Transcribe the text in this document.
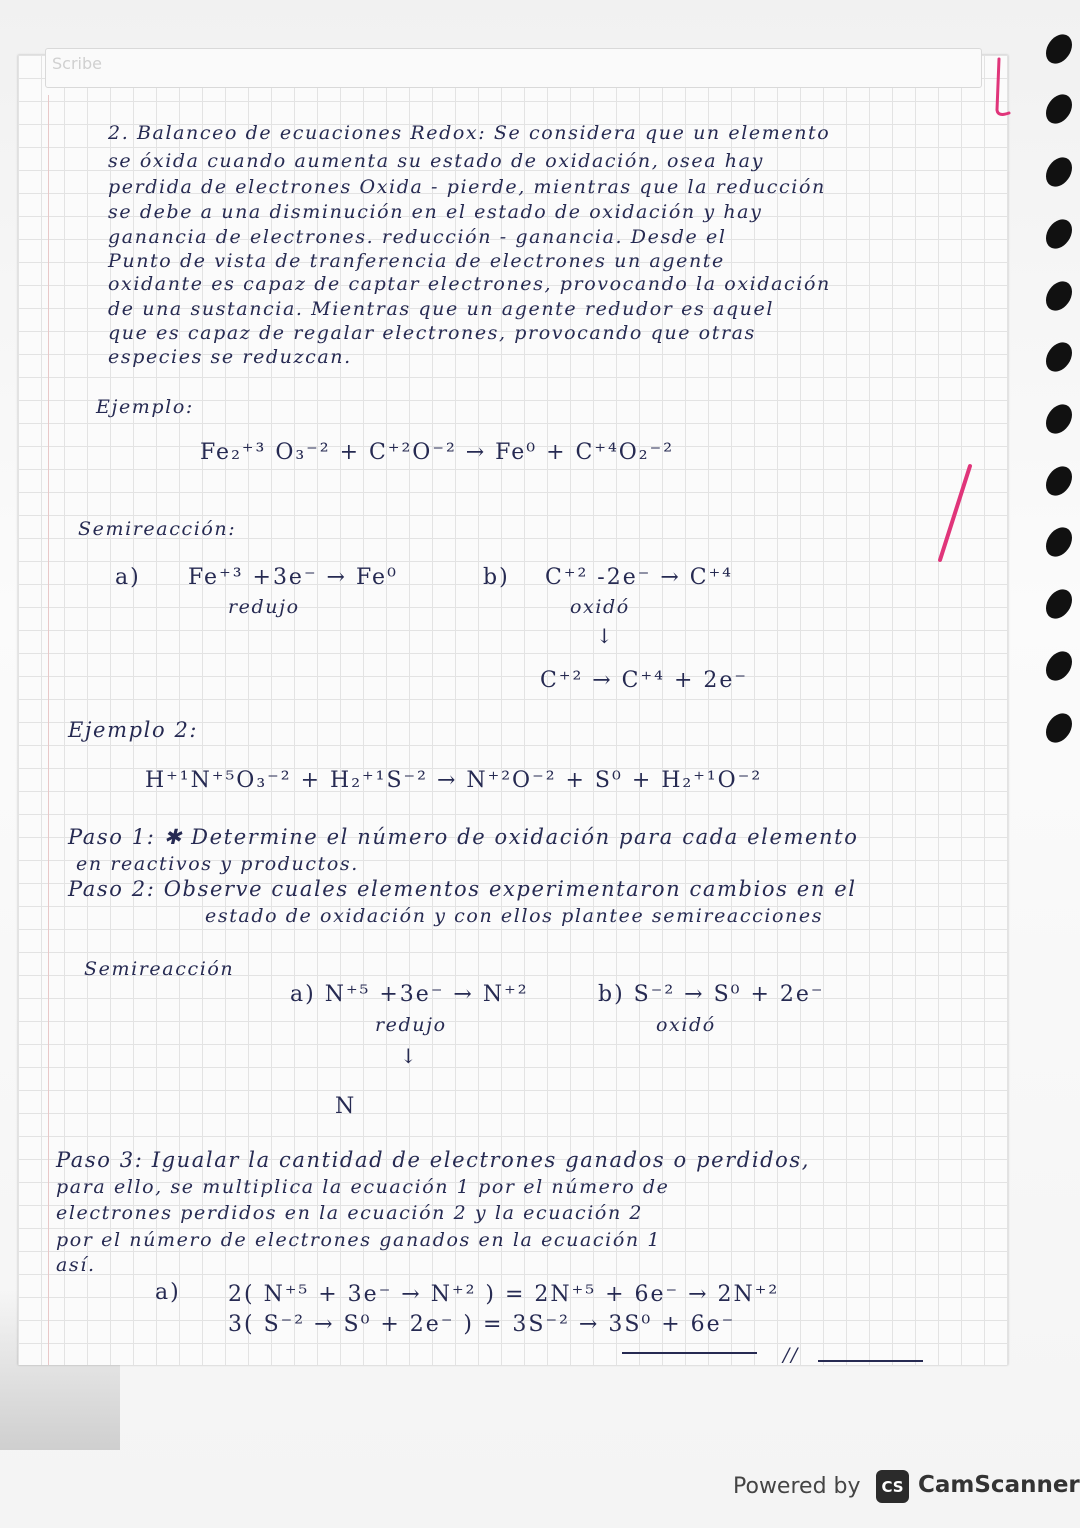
Scribe
2. Balanceo de ecuaciones Redox: Se considera que un elemento
se óxida cuando aumenta su estado de oxidación, osea hay
perdida de electrones Oxida - pierde, mientras que la reducción
se debe a una disminución en el estado de oxidación y hay
ganancia de electrones. reducción - ganancia. Desde el
Punto de vista de tranferencia de electrones un agente
oxidante es capaz de captar electrones, provocando la oxidación
de una sustancia. Mientras que un agente redudor es aquel
que es capaz de regalar electrones, provocando que otras
especies se reduzcan.
Ejemplo:
Fe₂⁺³ O₃⁻² + C⁺²O⁻² → Fe⁰ + C⁺⁴O₂⁻²
Semireacción:
a) Fe⁺³ +3e⁻ → Fe⁰
redujo
b) C⁺² -2e⁻ → C⁺⁴
oxidó
↓
C⁺² → C⁺⁴ + 2e⁻
Ejemplo 2:
H⁺¹N⁺⁵O₃⁻² + H₂⁺¹S⁻² → N⁺²O⁻² + S⁰ + H₂⁺¹O⁻²
Paso 1: ✱ Determine el número de oxidación para cada elemento
en reactivos y productos.
Paso 2: Observe cuales elementos experimentaron cambios en el
estado de oxidación y con ellos plantee semireacciones
Semireacción
a) N⁺⁵ +3e⁻ → N⁺²
redujo
↓
N
b) S⁻² → S⁰ + 2e⁻
oxidó
Paso 3: Igualar la cantidad de electrones ganados o perdidos,
para ello, se multiplica la ecuación 1 por el número de
electrones perdidos en la ecuación 2 y la ecuación 2
por el número de electrones ganados en la ecuación 1
así.
a) 2( N⁺⁵ + 3e⁻ → N⁺² ) = 2N⁺⁵ + 6e⁻ → 2N⁺²
3( S⁻² → S⁰ + 2e⁻ ) = 3S⁻² → 3S⁰ + 6e⁻
//
Powered by	CS CamScanner
